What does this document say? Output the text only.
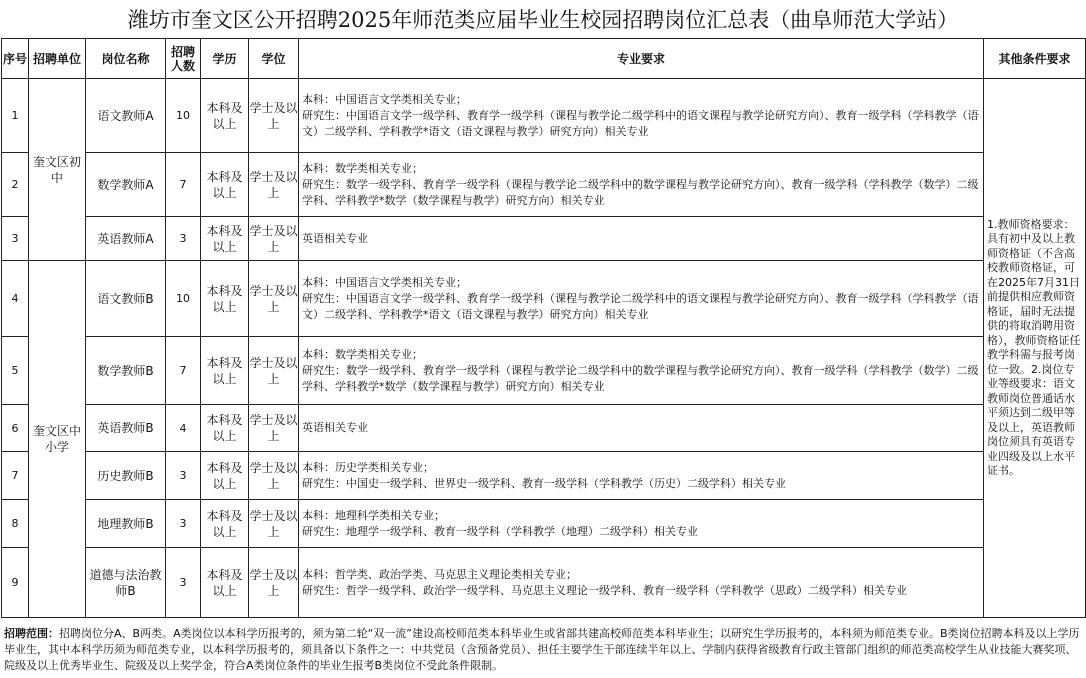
潍坊市奎文区公开招聘2025年师范类应届毕业生校园招聘岗位汇总表（曲阜师范大学站）
序号	招聘单位	岗位名称	招聘人数	学历	学位	专业要求	其他条件要求
1	奎文区初中	语文教师A	10	本科及以上	学士及以上	本科：中国语言文学类相关专业；
研究生：中国语言文学一级学科、教育学一级学科（课程与教学论二级学科中的语文课程与教学论研究方向）、教育一级学科（学科教学（语文）二级学科、学科教学*语文（语文课程与教学）研究方向）相关专业	1.教师资格要求：具有初中及以上教师资格证（不含高校教师资格证，可在2025年7月31日前提供相应教师资格证，届时无法提供的将取消聘用资格），教师资格证任教学科需与报考岗位一致。2.岗位专业等级要求：语文教师岗位普通话水平须达到二级甲等及以上，英语教师岗位须具有英语专业四级及以上水平证书。
2		数学教师A	7	本科及以上	学士及以上	本科：数学类相关专业；
研究生：数学一级学科、教育学一级学科（课程与教学论二级学科中的数学课程与教学论研究方向）、教育一级学科（学科教学（数学）二级学科、学科教学*数学（数学课程与教学）研究方向）相关专业	

3		英语教师A	3	本科及以上	学士及以上	英语相关专业	

4	奎文区中小学	语文教师B	10	本科及以上	学士及以上	本科：中国语言文学类相关专业；
研究生：中国语言文学一级学科、教育学一级学科（课程与教学论二级学科中的语文课程与教学论研究方向）、教育一级学科（学科教学（语文）二级学科、学科教学*语文（语文课程与教学）研究方向）相关专业	

5		数学教师B	7	本科及以上	学士及以上	本科：数学类相关专业；
研究生：数学一级学科、教育学一级学科（课程与教学论二级学科中的数学课程与教学论研究方向）、教育一级学科（学科教学（数学）二级学科、学科教学*数学（数学课程与教学）研究方向）相关专业	

6		英语教师B	4	本科及以上	学士及以上	英语相关专业	

7		历史教师B	3	本科及以上	学士及以上	本科：历史学类相关专业；
研究生：中国史一级学科、世界史一级学科、教育一级学科（学科教学（历史）二级学科）相关专业	

8		地理教师B	3	本科及以上	学士及以上	本科：地理科学类相关专业；
研究生：地理学一级学科、教育一级学科（学科教学（地理）二级学科）相关专业	

9		道德与法治教师B	3	本科及以上	学士及以上	本科：哲学类、政治学类、马克思主义理论类相关专业；
研究生：哲学一级学科、政治学一级学科、马克思主义理论一级学科、教育一级学科（学科教学（思政）二级学科）相关专业	
招聘范围：招聘岗位分A、B两类。A类岗位以本科学历报考的，须为第二轮“双一流”建设高校师范类本科毕业生或省部共建高校师范类本科毕业生；以研究生学历报考的，本科须为师范类专业。B类岗位招聘本科及以上学历毕业生，其中本科学历须为师范类专业，以本科学历报考的，须具备以下条件之一：中共党员（含预备党员）、担任主要学生干部连续半年以上、学制内获得省级教育行政主管部门组织的师范类高校学生从业技能大赛奖项、院级及以上优秀毕业生、院级及以上奖学金，符合A类岗位条件的毕业生报考B类岗位不受此条件限制。
